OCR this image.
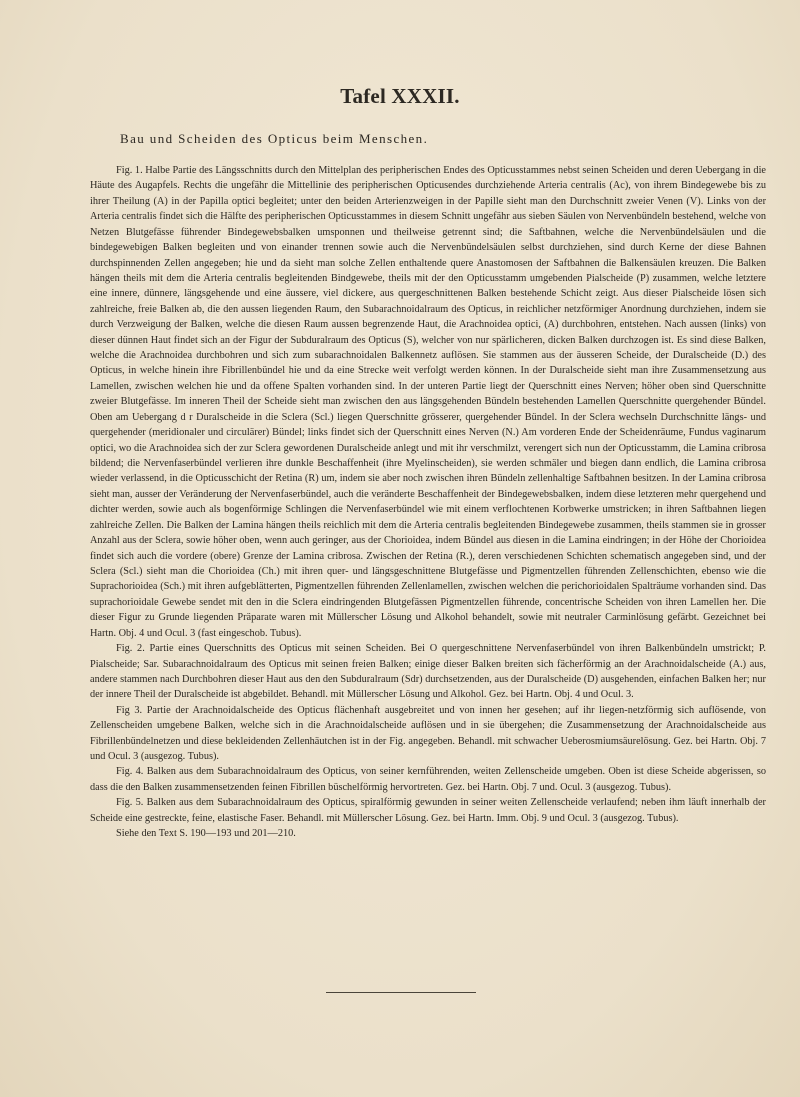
Tafel XXXII.
Bau und Scheiden des Opticus beim Menschen.

Fig. 1. Halbe Partie des Längsschnitts durch den Mittelplan des peripherischen Endes des Opticusstammes nebst seinen Scheiden und deren Uebergang in die Häute des Augapfels. Rechts die ungefähr die Mittellinie des peripherischen Opticusendes durchziehende Arteria centralis (Ac), von ihrem Bindegewebe bis zu ihrer Theilung (A) in der Papilla optici begleitet; unter den beiden Arterienzweigen in der Papille sieht man den Durchschnitt zweier Venen (V). Links von der Arteria centralis findet sich die Hälfte des peripherischen Opticusstammes in diesem Schnitt ungefähr aus sieben Säulen von Nervenbündeln bestehend, welche von Netzen Blutgefässe führender Bindegewebsbalken umsponnen und theilweise getrennt sind; die Saftbahnen, welche die Nervenbündelsäulen und die bindegewebigen Balken begleiten und von einander trennen sowie auch die Nervenbündelsäulen selbst durchziehen, sind durch Kerne der diese Bahnen durchspinnenden Zellen angegeben; hie und da sieht man solche Zellen enthaltende quere Anastomosen der Saftbahnen die Balkensäulen kreuzen. Die Balken hängen theils mit dem die Arteria centralis begleitenden Bindgewebe, theils mit der den Opticusstamm umgebenden Pialscheide (P) zusammen, welche letztere eine innere, dünnere, längsgehende und eine äussere, viel dickere, aus quergeschnittenen Balken bestehende Schicht zeigt. Aus dieser Pialscheide lösen sich zahlreiche, freie Balken ab, die den aussen liegenden Raum, den Subarachnoidalraum des Opticus, in reichlicher netzförmiger Anordnung durchziehen, indem sie durch Verzweigung der Balken, welche die diesen Raum aussen begrenzende Haut, die Arachnoidea optici, (A) durchbohren, entstehen. Nach aussen (links) von dieser dünnen Haut findet sich an der Figur der Subduralraum des Opticus (S), welcher von nur spärlicheren, dicken Balken durchzogen ist. Es sind diese Balken, welche die Arachnoidea durchbohren und sich zum subarachnoidalen Balkennetz auflösen. Sie stammen aus der äusseren Scheide, der Duralscheide (D.) des Opticus, in welche hinein ihre Fibrillenbündel hie und da eine Strecke weit verfolgt werden können. In der Duralscheide sieht man ihre Zusammensetzung aus Lamellen, zwischen welchen hie und da offene Spalten vorhanden sind. In der unteren Partie liegt der Querschnitt eines Nerven; höher oben sind Querschnitte zweier Blutgefässe. Im inneren Theil der Scheide sieht man zwischen den aus längsgehenden Bündeln bestehenden Lamellen Querschnitte quergehender Bündel. Oben am Uebergang d r Duralscheide in die Sclera (Scl.) liegen Querschnitte grösserer, quergehender Bündel. In der Sclera wechseln Durchschnitte längs- und quergehender (meridionaler und circulärer) Bündel; links findet sich der Querschnitt eines Nerven (N.) Am vorderen Ende der Scheidenräume, Fundus vaginarum optici, wo die Arachnoidea sich der zur Sclera gewordenen Duralscheide anlegt und mit ihr verschmilzt, verengert sich nun der Opticusstamm, die Lamina cribrosa bildend; die Nervenfaserbündel verlieren ihre dunkle Beschaffenheit (ihre Myelinscheiden), sie werden schmäler und biegen dann endlich, die Lamina cribrosa wieder verlassend, in die Opticusschicht der Retina (R) um, indem sie aber noch zwischen ihren Bündeln zellenhaltige Saftbahnen besitzen. In der Lamina cribrosa sieht man, ausser der Veränderung der Nervenfaserbündel, auch die veränderte Beschaffenheit der Bindegewebsbalken, indem diese letzteren mehr quergehend und dichter werden, sowie auch als bogenförmige Schlingen die Nervenfaserbündel wie mit einem verflochtenen Korbwerke umstricken; in ihren Saftbahnen liegen zahlreiche Zellen. Die Balken der Lamina hängen theils reichlich mit dem die Arteria centralis begleitenden Bindegewebe zusammen, theils stammen sie in grosser Anzahl aus der Sclera, sowie höher oben, wenn auch geringer, aus der Chorioidea, indem Bündel aus diesen in die Lamina eindringen; in der Höhe der Chorioidea findet sich auch die vordere (obere) Grenze der Lamina cribrosa. Zwischen der Retina (R.), deren verschiedenen Schichten schematisch angegeben sind, und der Sclera (Scl.) sieht man die Chorioidea (Ch.) mit ihren quer- und längsgeschnittene Blutgefässe und Pigmentzellen führenden Zellenschichten, ebenso wie die Suprachorioidea (Sch.) mit ihren aufgeblätterten, Pigmentzellen führenden Zellenlamellen, zwischen welchen die perichorioidalen Spalträume vorhanden sind. Das suprachorioidale Gewebe sendet mit den in die Sclera eindringenden Blutgefässen Pigmentzellen führende, concentrische Scheiden von ihren Lamellen her. Die dieser Figur zu Grunde liegenden Präparate waren mit Müllerscher Lösung und Alkohol behandelt, sowie mit neutraler Carminlösung gefärbt. Gezeichnet bei Hartn. Obj. 4 und Ocul. 3 (fast eingeschob. Tubus).

Fig. 2. Partie eines Querschnitts des Opticus mit seinen Scheiden. Bei O quergeschnittene Nervenfaserbündel von ihren Balkenbündeln umstrickt; P. Pialscheide; Sar. Subarachnoidalraum des Opticus mit seinen freien Balken; einige dieser Balken breiten sich fächerförmig an der Arachnoidalscheide (A.) aus, andere stammen nach Durchbohren dieser Haut aus den den Subduralraum (Sdr) durchsetzenden, aus der Duralscheide (D) ausgehenden, einfachen Balken her; nur der innere Theil der Duralscheide ist abgebildet. Behandl. mit Müllerscher Lösung und Alkohol. Gez. bei Hartn. Obj. 4 und Ocul. 3.

Fig 3. Partie der Arachnoidalscheide des Opticus flächenhaft ausgebreitet und von innen her gesehen; auf ihr liegen-netzförmig sich auflösende, von Zellenscheiden umgebene Balken, welche sich in die Arachnoidalscheide auflösen und in sie übergehen; die Zusammensetzung der Arachnoidalscheide aus Fibrillenbündelnetzen und diese bekleidenden Zellenhäutchen ist in der Fig. angegeben. Behandl. mit schwacher Ueberosmiumsäurelösung. Gez. bei Hartn. Obj. 7 und Ocul. 3 (ausgezog. Tubus).

Fig. 4. Balken aus dem Subarachnoidalraum des Opticus, von seiner kernführenden, weiten Zellenscheide umgeben. Oben ist diese Scheide abgerissen, so dass die den Balken zusammensetzenden feinen Fibrillen büschelförmig hervortreten. Gez. bei Hartn. Obj. 7 und. Ocul. 3 (ausgezog. Tubus).

Fig. 5. Balken aus dem Subarachnoidalraum des Opticus, spiralförmig gewunden in seiner weiten Zellenscheide verlaufend; neben ihm läuft innerhalb der Scheide eine gestreckte, feine, elastische Faser. Behandl. mit Müllerscher Lösung. Gez. bei Hartn. Imm. Obj. 9 und Ocul. 3 (ausgezog. Tubus).

Siehe den Text S. 190—193 und 201—210.
